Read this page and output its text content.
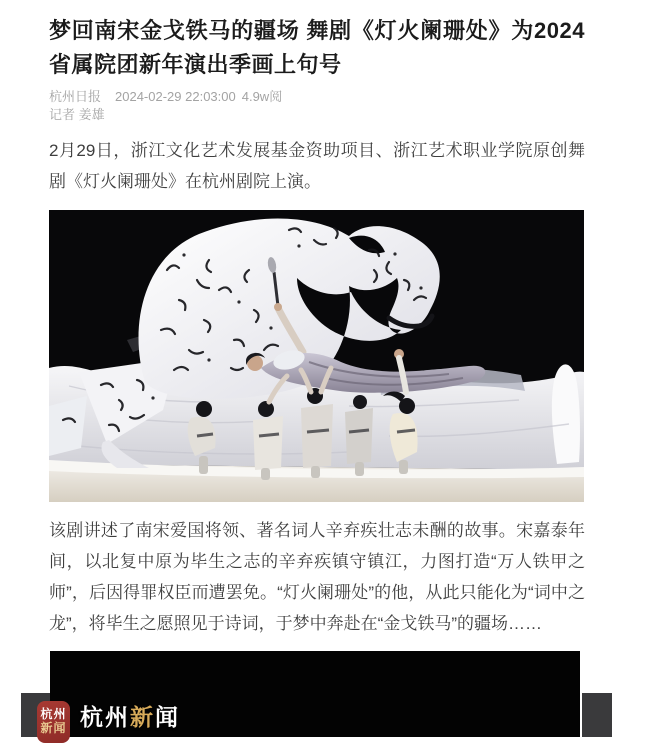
梦回南宋金戈铁马的疆场 舞剧《灯火阑珊处》为2024省属院团新年演出季画上句号
杭州日报 2024-02-29 22:03:00 4.9w阅
记者 姜雄

2月29日，浙江文化艺术发展基金资助项目、浙江艺术职业学院原创舞剧《灯火阑珊处》在杭州剧院上演。

该剧讲述了南宋爱国将领、著名词人辛弃疾壮志未酬的故事。宋嘉泰年间，以北复中原为毕生之志的辛弃疾镇守镇江，力图打造“万人铁甲之师”，后因得罪权臣而遭罢免。“灯火阑珊处”的他，从此只能化为“词中之龙”，将毕生之愿照见于诗词，于梦中奔赴在“金戈铁马”的疆场……

杭州
新闻 杭州新闻
